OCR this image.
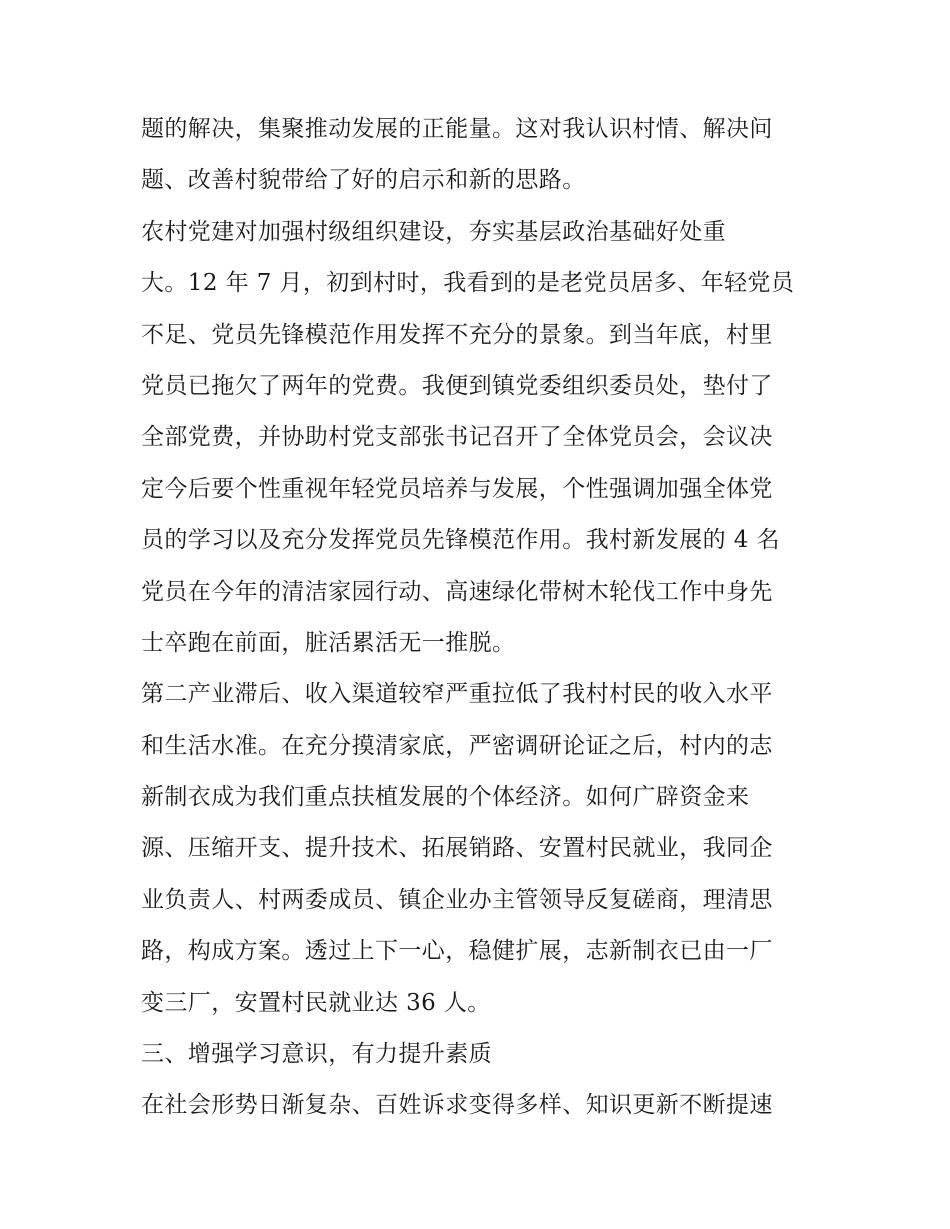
题的解决，集聚推动发展的正能量。这对我认识村情、解决问
题、改善村貌带给了好的启示和新的思路。
农村党建对加强村级组织建设，夯实基层政治基础好处重
大。12 年 7 月，初到村时，我看到的是老党员居多、年轻党员
不足、党员先锋模范作用发挥不充分的景象。到当年底，村里
党员已拖欠了两年的党费。我便到镇党委组织委员处，垫付了
全部党费，并协助村党支部张书记召开了全体党员会，会议决
定今后要个性重视年轻党员培养与发展，个性强调加强全体党
员的学习以及充分发挥党员先锋模范作用。我村新发展的 4 名
党员在今年的清洁家园行动、高速绿化带树木轮伐工作中身先
士卒跑在前面，脏活累活无一推脱。
第二产业滞后、收入渠道较窄严重拉低了我村村民的收入水平
和生活水准。在充分摸清家底，严密调研论证之后，村内的志
新制衣成为我们重点扶植发展的个体经济。如何广辟资金来
源、压缩开支、提升技术、拓展销路、安置村民就业，我同企
业负责人、村两委成员、镇企业办主管领导反复磋商，理清思
路，构成方案。透过上下一心，稳健扩展，志新制衣已由一厂
变三厂，安置村民就业达 36 人。
三、增强学习意识，有力提升素质
在社会形势日渐复杂、百姓诉求变得多样、知识更新不断提速
